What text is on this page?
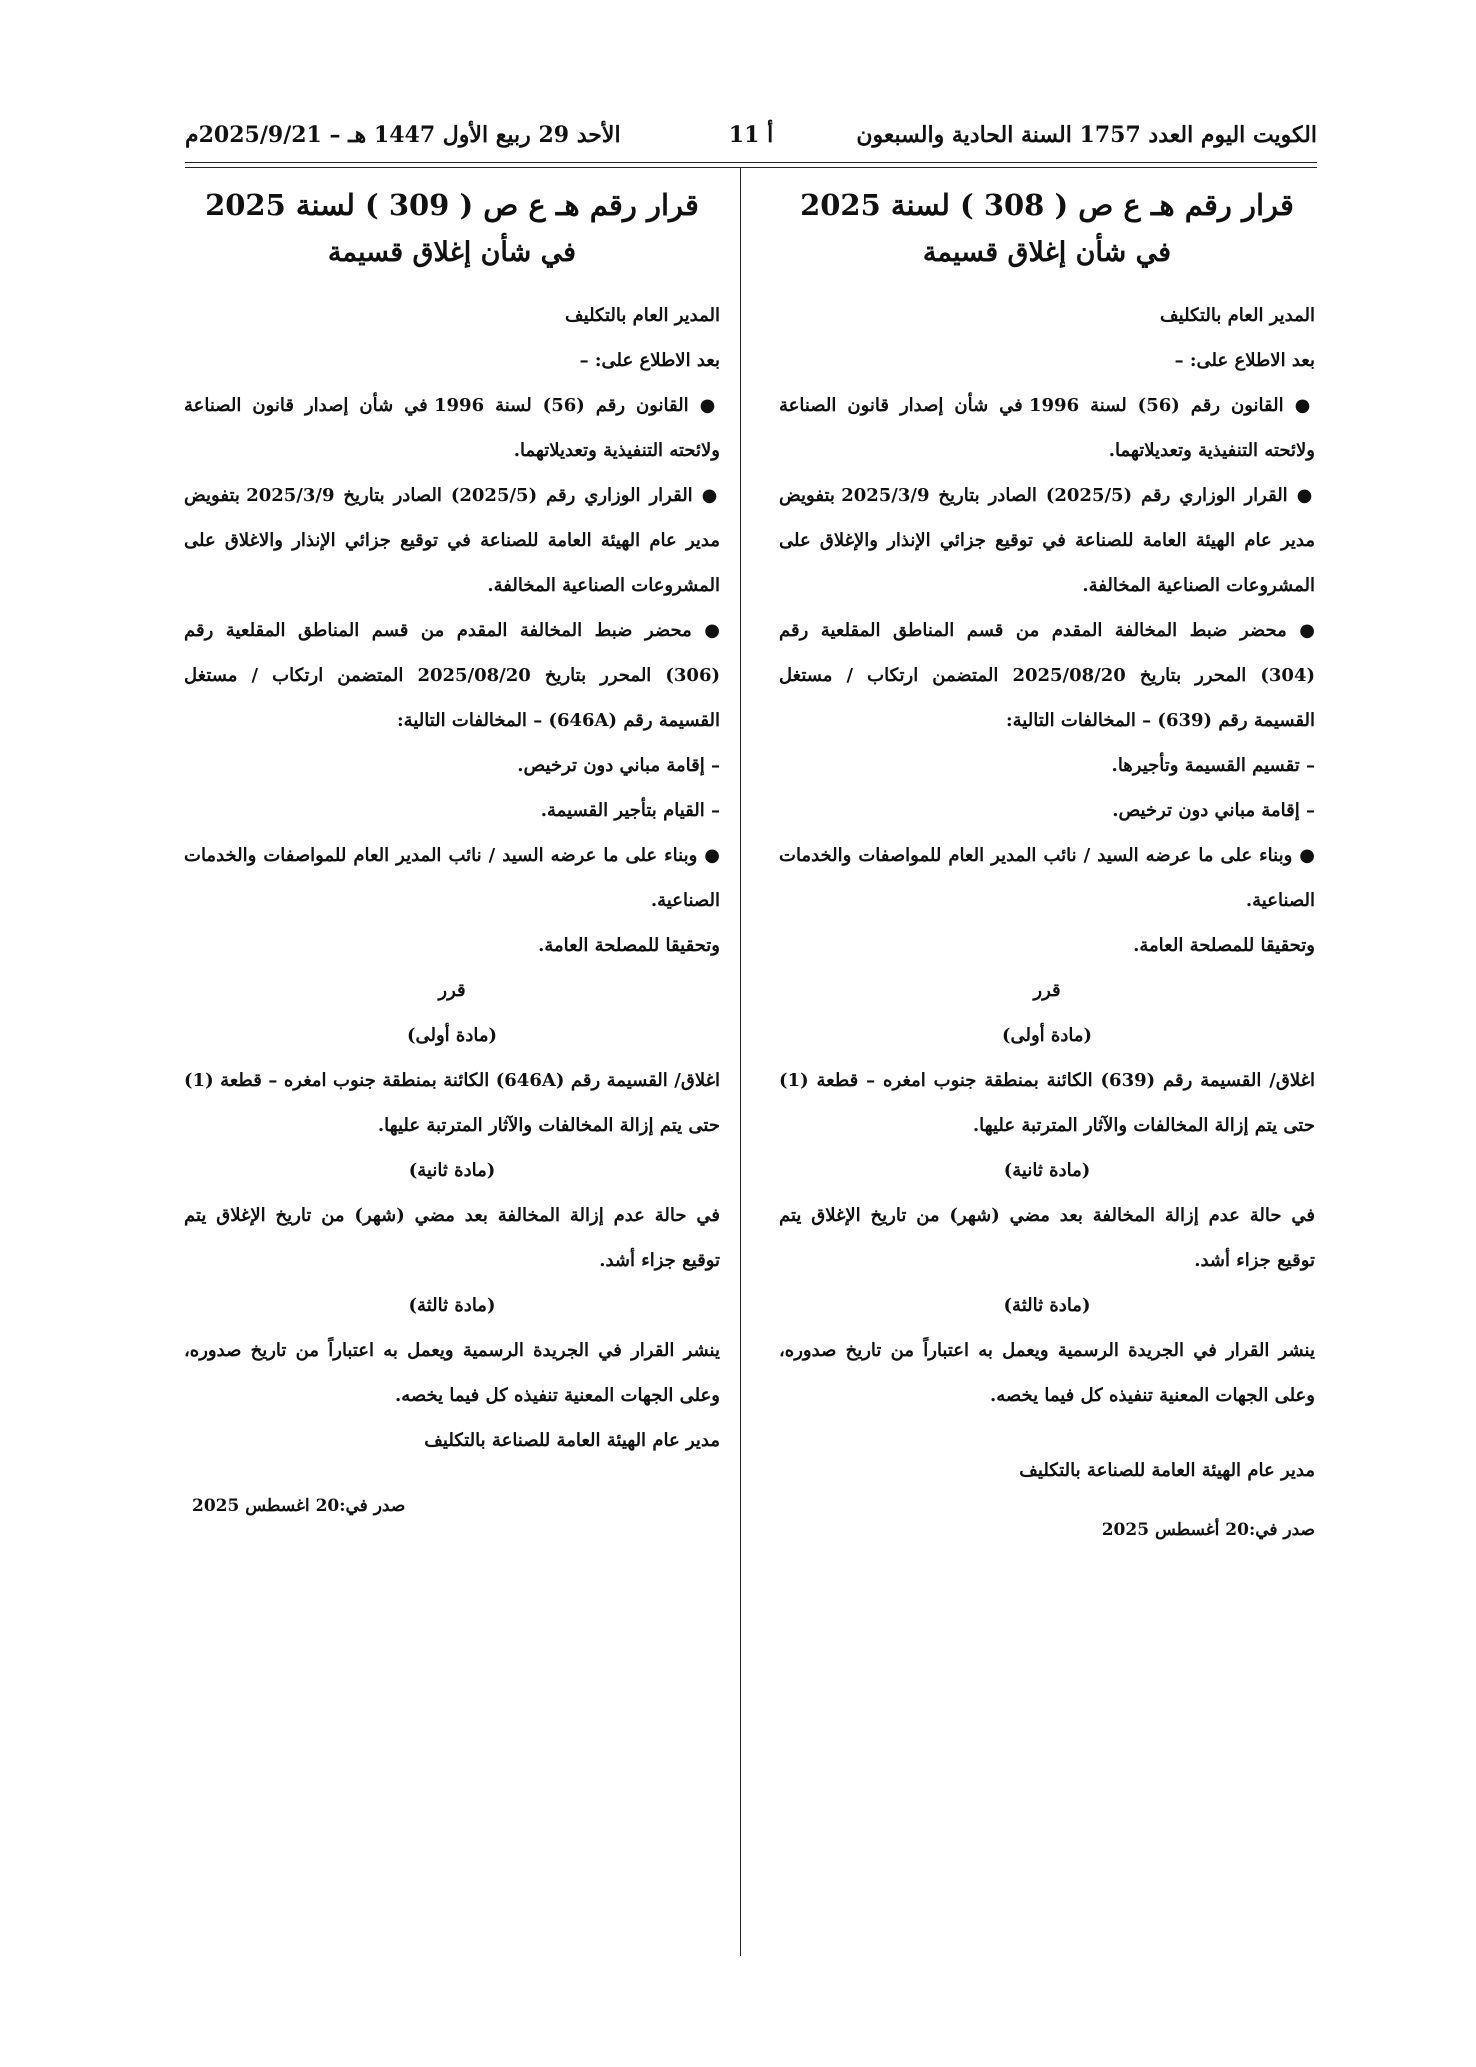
الكويت اليوم العدد 1757 السنة الحادية والسبعون
أ 11
الأحد 29 ربيع الأول 1447 هـ – 2025/9/21م
قرار رقم هـ ع ص ( 308 ) لسنة 2025
في شأن إغلاق قسيمة

المدير العام بالتكليف

بعد الاطلاع على: –

● القانون رقم (56) لسنة 1996 في شأن إصدار قانون الصناعة ولائحته التنفيذية وتعديلاتهما.

● القرار الوزاري رقم (2025/5) الصادر بتاريخ 2025/3/9 بتفويض مدير عام الهيئة العامة للصناعة في توقيع جزائي الإنذار والإغلاق على المشروعات الصناعية المخالفة.

● محضر ضبط المخالفة المقدم من قسم المناطق المقلعية رقم (304) المحرر بتاريخ 2025/08/20 المتضمن ارتكاب / مستغل القسيمة رقم (639) – المخالفات التالية:

– تقسيم القسيمة وتأجيرها.

– إقامة مباني دون ترخيص.

● وبناء على ما عرضه السيد / نائب المدير العام للمواصفات والخدمات الصناعية.

وتحقيقا للمصلحة العامة.

قرر

(مادة أولى)

اغلاق/ القسيمة رقم (639) الكائنة بمنطقة جنوب امغره – قطعة (1) حتى يتم إزالة المخالفات والآثار المترتبة عليها.

(مادة ثانية)

في حالة عدم إزالة المخالفة بعد مضي (شهر) من تاريخ الإغلاق يتم توقيع جزاء أشد.

(مادة ثالثة)

ينشر القرار في الجريدة الرسمية ويعمل به اعتباراً من تاريخ صدوره، وعلى الجهات المعنية تنفيذه كل فيما يخصه.

مدير عام الهيئة العامة للصناعة بالتكليف

صدر في:20 أغسطس 2025

قرار رقم هـ ع ص ( 309 ) لسنة 2025
في شأن إغلاق قسيمة

المدير العام بالتكليف

بعد الاطلاع على: –

● القانون رقم (56) لسنة 1996 في شأن إصدار قانون الصناعة ولائحته التنفيذية وتعديلاتهما.

● القرار الوزاري رقم (2025/5) الصادر بتاريخ 2025/3/9 بتفويض مدير عام الهيئة العامة للصناعة في توقيع جزائي الإنذار والاغلاق على المشروعات الصناعية المخالفة.

● محضر ضبط المخالفة المقدم من قسم المناطق المقلعية رقم (306) المحرر بتاريخ 2025/08/20 المتضمن ارتكاب / مستغل القسيمة رقم (646A) – المخالفات التالية:

– إقامة مباني دون ترخيص.

– القيام بتأجير القسيمة.

● وبناء على ما عرضه السيد / نائب المدير العام للمواصفات والخدمات الصناعية.

وتحقيقا للمصلحة العامة.

قرر

(مادة أولى)

اغلاق/ القسيمة رقم (646A) الكائنة بمنطقة جنوب امغره – قطعة (1) حتى يتم إزالة المخالفات والآثار المترتبة عليها.

(مادة ثانية)

في حالة عدم إزالة المخالفة بعد مضي (شهر) من تاريخ الإغلاق يتم توقيع جزاء أشد.

(مادة ثالثة)

ينشر القرار في الجريدة الرسمية ويعمل به اعتباراً من تاريخ صدوره، وعلى الجهات المعنية تنفيذه كل فيما يخصه.

مدير عام الهيئة العامة للصناعة بالتكليف

صدر في:20 اغسطس 2025
